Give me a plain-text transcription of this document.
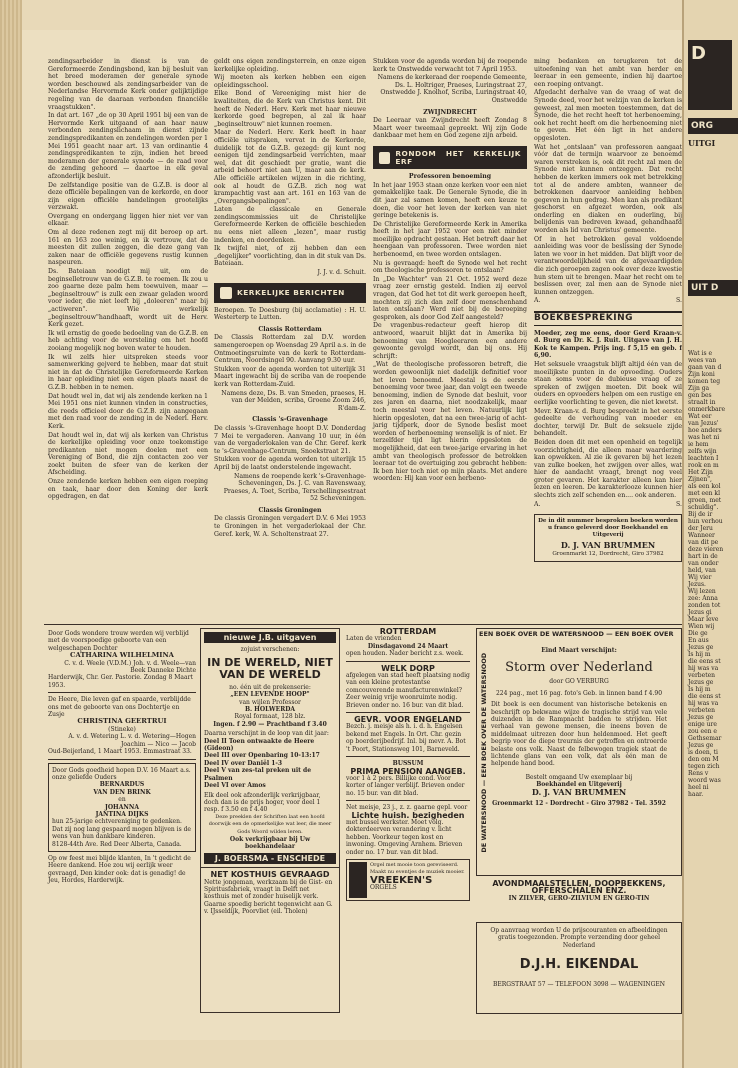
zendingsarbeider in dienst is van de Gereformeerde Zendingsbond, kan bij besluit van het breed moderamen der generale synode worden beschouwd als zendingsarbeider van de Nederlandse Hervormde Kerk onder gelijktijdige regeling van de daaraan verbonden financiële vraagstukken".

In dat art. 167 „de op 30 April 1951 bij een van de Hervormde Kerk uitgaand of aan haar nauw verbonden zendingslichaam in dienst zijnde zendingspredikanten en zendelingen worden per 1 Mei 1951 geacht naar art. 13 van ordinantie 4 zendingspredikanten te zijn, indien het breed moderamen der generale synode — de raad voor de zending gehoord — daartoe in elk geval afzonderlijk besluit.

De zelfstandige positie van de G.Z.B. is door al deze officiële bepalingen van de kerkorde, en door zijn eigen officiële handelingen grootelijks verzwakt.

Overgang en ondergang liggen hier niet ver van elkaar.

Om al deze redenen zegt mij dit beroep op art. 161 en 163 zoo weinig, en ik vertrouw, dat de meesten dit zullen zeggen, die deze gang van zaken naar de officiële gegevens rustig kunnen naspeuren.

Ds. Bateiaan noodigt mij uit, om de beginselletrouw van de G.Z.B. te roemen. Ik zou u zoo gaarne deze palm hem toewuiven, maar — „beginseltrouw" is zulk een zwaar geladen woord voor ieder, die niet leeft bij „doleeren" maar bij „actiweren". Wie werkelijk „beginseltrouw"handhaaft, wordt uit de Herv. Kerk gezet.

Ik wil ernstig de goede bedoeling van de G.Z.B. en heb achting voor de worsteling om het hoofd zooiang mogelijk nog boven water te houden.

Ik wil zelfs hier uitspreken steeds voor samenwerking gejverd te hebben, maar dat stuit niet in dat de Christelijke Gereformeerde Kerken in haar opleiding niet een eigen plaats naast de G.Z.B. hebben in te nemen.

Dat houdt wel in, dat wij als zendende kerken na 1 Mei 1951 ons niet kunnen vinden in constructies, die reeds officieel door de G.Z.B. zijn aangegaan met den raad voor de zending in de Nederl. Herv. Kerk.

Dat houdt wel in, dat wij als kerken van Christus de kerkelijke opleiding voor onze toekomstige predikanten niet mogen doelen met een Vereniging of Bond, die zijn contacten zoo ver zoekt buiten de sfeer van de kerken der Afscheiding.

Onze zendende kerken hebben een eigen roeping en taak, haar door den Koning der kerk opgedragen, en dat

geldt ons eigen zendingsterrein, en onze eigen kerkelijke opleiding.

Wij moeten als kerken hebben een eigen opleidingsschool.

Elke Bond of Vereeniging mist hier de kwaliteiten, die de Kerk van Christus kent. Dit heeft de Nederl. Herv. Kerk met haar nieuwe kerkorde goed begrepen, al zal ik haar „beginseltrouw" niet kunnen roemen.

Maar de Nederl. Herv. Kerk heeft in haar officiële uitspraken, vervat in de Kerkorde, duidelijk tot de G.Z.B. gezegd: gij kunt nog eenigen tijd zendingsarbeid verrichten, maar wel, dat dit geschiedt per gratie, want die arbeid behoort niet aan U, maar aan de kerk. Alle officiële artikelen wijzen in die richting, ook al houdt de G.Z.B. zich nog wat krampachtig vast aan art. 161 en 163 van de „Overgangsbepalingen".

Laten de classicale en Generale zendingscommissies uit de Christelijke Gereformeerde Kerken de officiële beschieden nu eens niet alleen „lezen", maar rustig indenken, en doordenken.

Ik twijfel niet, of zij hebben dan een „degelijker" voorlichting, dan in dit stuk van Ds. Bateiaan.

J. J. v. d. Schuit.

KERKELIJKE BERICHTEN

Beroepen. Te Doesburg (bij acclamatie) : H. U. Westerterp te Lutten.

Classis Rotterdam

De Classis Rotterdam zal D.V. worden samengeroepen op Woensdag 29 April a.s. in de Ontmoetingsruimte van de kerk te Rotterdam-Centrum, Noordsingel 90. Aanvang 9.30 uur.

Stukken voor de agenda worden tot uiterlijk 31 Maart ingewacht bij de scriba van de roepende kerk van Rotterdam-Zuid.

Namens deze, Ds. B. van Smeden, praeses, H. van der Melden, scriba, Groene Zoom 246, R'dam-Z.

Classis 's-Gravenhage

De classis 's-Gravenhage hoopt D.V. Donderdag 7 Mei te vergaderen. Aanvang 10 uur, in één van de vergaderlokalen van de Chr. Geref. kerk te 's-Gravenhage-Centrum, Snoekstraat 21.

Stukken voor de agenda worden tot uiterlijk 15 April bij de laatst onderstelende ingewacht.

Namens de roepende kerk 's-Gravenhage-Scheveningen, Ds. J. C. van Ravenswaay, Praeses, A. Toet, Scriba, Terschellingsestraat 52 Scheveningen.

Classis Groningen

De classis Groningen vergadert D.V. 6 Mei 1953 te Groningen in het vergaderlokaal der Chr. Geref. kerk, W. A. Scholtenstraat 27.

Stukken voor de agenda worden bij de roepende kerk te Onstwedde verwacht tot 7 April 1953.

Namens de kerkeraad der roepende Gemeente, Ds. L. Holtriger, Praeses, Luringstraat 27, Onstwedde J. Knolhof, Scriba, Luringstraat 40, Onstwedde

ZWIJNDRECHT

De Leeraar van Zwijndrecht heeft Zondag 8 Maart weer tweemaal gepreekt. Wij zijn Gode dankbaar met hem en God zegene zijn arbeid.

RONDOM HET KERKELIJK ERF

Professoren benoeming

In het jaar 1953 staan onze kerken voor een niet gemakkelijke taak. De Generale Synode, die in dit jaar zal samen komen, heeft een keuze te doen, die voor het leven der kerken van niet geringe betekenis is.

De Christelijke Gereformeerde Kerk in Amerika heeft in het jaar 1952 voor een niet minder moeilijke opdracht gestaan. Het betreft daar het heengaan van professoren. Twee worden niet herbenoemd, en twee worden ontslagen.

Nu is gevraagd: heeft de Synode wel het recht om theologische professoren te ontslaan?

In „De Wachter" van 21 Oct. 1952 werd deze vraag zeer ernstig gesteld. Indien zij eervol vragen, dat God het tot dit werk geroepen heeft, mochten zij zich dan zelf door menschenhand laten ontslaan? Werd niet bij de beroeping gesproken, als door God Zelf aangesteld?

De vragenbus-redacteur geeft hierop dit antwoord, waaruit blijkt dat in Amerika bij benoeming van Hoogleeraren een andere gewoonte gevolgd wordt, dan bij ons. Hij schrijft:

„Wat de theologische professoren betreft, die worden gewoonlijk niet dadelijk definitief voor het leven benoemd. Meestal is de eerste benoeming voor twee jaar, dan volgt een tweede benoeming, indien de Synode dat besluit, voor zes jaren en daarna, niet noodzakelijk, maar toch meestal voor het leven. Natuurlijk ligt hierin opgesloten, dat na een twee-jarig of acht-jarig tijdperk, door de Synode beslist moet worden of herbenoeming wenselijk is of niet. Er terzelfder tijd ligt hierin opgesloten de mogelijkheid, dat een twee-jarige ervaring in het ambt van theologisch professor de betrokken leeraar tot de overtuiging zou gebracht hebben: Ik ben hier toch niet op mijn plaats. Met andere woorden: Hij kan voor een herbeno-

ming bedanken en terugkeren tot de uitoefening van het ambt van herder en leeraar in een gemeente, indien hij daartoe een roeping ontvangt.

Afgedacht derhalve van de vraag of wat de Synode deed, voor het welzijn van de kerken is geweest, zal men moeten toestemmen, dat de Synode, die het recht heeft tot herbenoeming, ook het recht heeft om die herbenoeming niet te geven. Het één ligt in het andere opgesloten.

Wat het „ontslaan" van professoren aangaat vóór dat de termijn waarvoor ze benoemd waren verstreken is, ook dit recht zal men de Synode niet kunnen ontzeggen. Dat recht hebben de kerken immers ook met betrekking tot al de andere ambten, wanneer de betrokkenen daarvoor aanleiding hebben gegeven in hun gedrag. Men kan als predikant geschorst en afgezet worden, ook als onderling en diaken en ouderling, bij belijdenis van bedreven kwaad, gehandhaafd worden als lid van Christus' gemeente.

Of in het betrokken geval voldoende aanleiding was voor de beslissing der Synode laten we voor in het midden. Dat blijft voor de verantwoordelijkheid van de afgevaardigden die zich geroepen zagen ook over deze kwestie hun stem uit te brengen. Maar het recht om te beslissen over, zal men aan de Synode niet kunnen ontzeggen.

A.	S.

BOEKBESPREKING

Moeder, zeg me eens, door Gerd Kraan-v. d. Burg en Dr. K. J. Ruit. Uitgave van J. H. Kok te Kampen. Prijs ing. f 5,15 en geb. f 6,90.

Het seksuele vraagstuk blijft altijd één van de moeilijkste punten in de opvoeding. Ouders staan soms voor de dubieuse vraag of ze spreken of zwijgen moeten. Dit boek wil ouders en opvoeders helpen om een rustige en eerlijke voorlichting te geven, die niet kwetst.

Mevr. Kraan-v. d. Burg bespreekt in het eerste gedeelte de verhouding van moeder en dochter, terwijl Dr. Bult de seksuele zijde behandelt.

Beiden doen dit met een openheid en tegelijk voorzichtigheid, die alleen maar waardering kan opwekken. Al zie ik gevaren bij het lezen van zulke boeken, het zwijgen over alles, wat hier de aandacht vraagt, brengt nog veel groter gevaren. Het karakter alleen kan hier lezen en leeren. De karakterlooze kunnen hier slechts zich zelf schenden en.... ook anderen.

A.	S.

De in dit nummer besproken boeken worden u franco geleverd door Boekhandel en Uitgeverij

D. J. VAN BRUMMEN

Groenmarkt 12, Dordrecht, Giro 37982

Door Gods wondere trouw werden wij verblijd met de voorspoedige geboorte van een welgeschapen Dochter

CATHARINA WILHELMINA

C. v. d. Weele (V.D.M.) Joh. v. d. Weele—van Beek Danneke Dichte

Harderwijk, Chr. Ger. Pastorie. Zondag 8 Maart 1953.

De Heere, Die leven gaf en spaarde, verblijdde ons met de geboorte van ons Dochtertje en Zusje

CHRISTINA GEERTRUI

(Stineke)

A. v. d. Wetering L. v. d. Wetering—Hogen Joachim — Nico — Jacob

Oud-Beijerland, 1 Maart 1953. Emmastraat 33.

Door Gods goedheid hopen D.V. 16 Maart a.s. onze geliefde Ouders

BERNARDUS

VAN DEN BRINK

en

JOHANNA

JANTINA DIJKS

hun 25-jarige echtvereniging te gedenken. Dat zij nog lang gespaard mogen blijven is de wens van hun dankbare kinderen.

8128-44th Ave. Red Deer Alberta, Canada.

Op ow feest mei blijde klanten, In 't gedicht de Heere dankend. Hoe zou wij eerlijk weer gevraagd, Den kinder ook: dat is genadig! de Jeu, Hordes, Harderwijk.

nieuwe J.B. uitgaven

zojuist verschenen:

IN DE WERELD, NIET VAN DE WERELD

no. één uit de prekenserie:

„EEN LEVENDE HOOP"

van wijlen Professor

B. HOLWERDA

Royal formaat, 128 blz.

Ingen. f 2.90 — Prachtband f 3.40

Daarna verschijnt in de loop van dit jaar:

Deel II Toen ontwaakte de Heere (Gideon)

Deel III over Openbaring 10-13:17

Deel IV over Daniël 1-3

Deel V van zes-tal preken uit de Psalmen

Deel VI over Amos

Elk deel ook afzonderlijk verkrijgbaar, doch dan is de prijs hoger, voor deel 1 resp. f 3.50 en f 4.40

Deze preeklen der Schriften laat een hoofd doorwijk een de opmerkelijke wat leer, die meer Gods Woord wilden leren.

Ook verkrijgbaar bij Uw boekhandelaar

J. BOERSMA - ENSCHEDE

NET KOSTHUIS GEVRAAGD

Nette jongeman, werkzaam bij de Gist- en Spiritusfabriek, vraagt in Delft net kosthuis met of zonder huiselijk verk. Gaarne spoedig bericht tegenwicht aan G. v. IJsseldijk, Poorvliet (eil. Tholen)

ROTTERDAM

Laten de vrienden

Dinsdagavond 24 Maart

open houden. Nader bericht z.s. week.

WELK DORP

afgelegen van stad heeft plaatsing nodig van een kleine protestantse comcouverende manufacturenwinkel? Zeer weinig vrije woonruimte nodig. Brieven onder no. 16 bur. van dit blad.

GEVR. VOOR ENGELAND

Bezch. j. meisje als h. i. d. h. Engelsen bekend met Engels. In Ort. Chr. gezin op boerderijbedrijf. Inl. bij mevr. A. Bot 't Poort, Stationsweg 101, Barneveld.

BUSSUM

PRIMA PENSION AANGEB.

voor 1 à 2 pers. Billijke cond. Voor korter of langer verblijf. Brieven onder no. 15 bur. van dit blad.

Net meisje, 23 j., z. z. gaarne gepl. voor

Lichte huish. bezigheden

met bussel werkster. Moet volg. dokterdeerven verandering v. licht hebben. Voorkeur tegen kost en inwoning. Omgeving Arnhem. Brieven onder no. 17 bur. van dit blad.

Orgel met mooie toon gereviseerd. Maakt nu eventjes de muziek mooier.

VREEKEN'S

ORGELS

EEN BOEK OVER DE WATERSNOOD — EEN BOEK OVER
DE WATERSNOOD — EEN BOEK OVER DE WATERSNOOD

Eind Maart verschijnt:

Storm over Nederland

door GO VERBURG

224 pag., met 16 pag. foto's Geb. in linnen band f 4.90

Dit boek is een document van historische betekenis en beschrijft op bekwame wijze de tragische strijd van vele duizenden in de Rampnacht badden te strijden. Het verhaal van gewone mensen, die ineens boven de middelmaat uitrezen door hun heldenmoed. Het geeft begrip voor de diepe treurnis der getroffen en ontroerde belaste ons volk. Naast de felbewogen tragiek staat de lichtende glans van een volk, dat als één man de helpende hand bood.

Bestelt omgaand Uw exemplaar bij

Boekhandel en Uitgeverij

D. J. VAN BRUMMEN

Groenmarkt 12 - Dordrecht - Giro 37982 - Tel. 3592

AVONDMAALSTELLEN, DOOPBEKKENS,

OFFERSCHALEN ENZ.

IN ZILVER, GERO-ZILVIUM EN GERO-TIN

Op aanvraag worden U de prijscouranten en afbeeldingen gratis toegezonden. Prompte verzending door geheel Nederland

D.J.H. EIKENDAL

BERGSTRAAT 57 — TELEFOON 3098 — WAGENINGEN

D
ORG
UITGI
UIT D
Wat is e
wees van
gaan van d
Zijn koni
komen teg
Zijn ga
gen bes
straalt in
onmerkbare
Wat eer
van Jezus'
hoe anders
was het ni
ie hem
zelfs wijn
leachten I
rook en m
Het Zijn
Zijnen",
als een kol
met een kl
groen, met
schuldig".
Bij de ir
hun verhou
der Jeru
Wanneer
van dit pe
deze vieren
hart in de
van onder
held, van
Wij vier
Jezus.
Wij lezen
zee: Anna
zonden tot
Jezus gi
Maar leve
Wien wij
Die ge
En aus
Jezus ge
Is hij m
die eens st
hij was va
verbeten
Jezus ge
Is hij m
die eens st
hij was va
verbeten
Jezus ge
enige ure
zou een e
Gethsemar
Jezus ge
is doen, ti
den om M
tegen zich
Rens v
woord was
heel ni
haar.
